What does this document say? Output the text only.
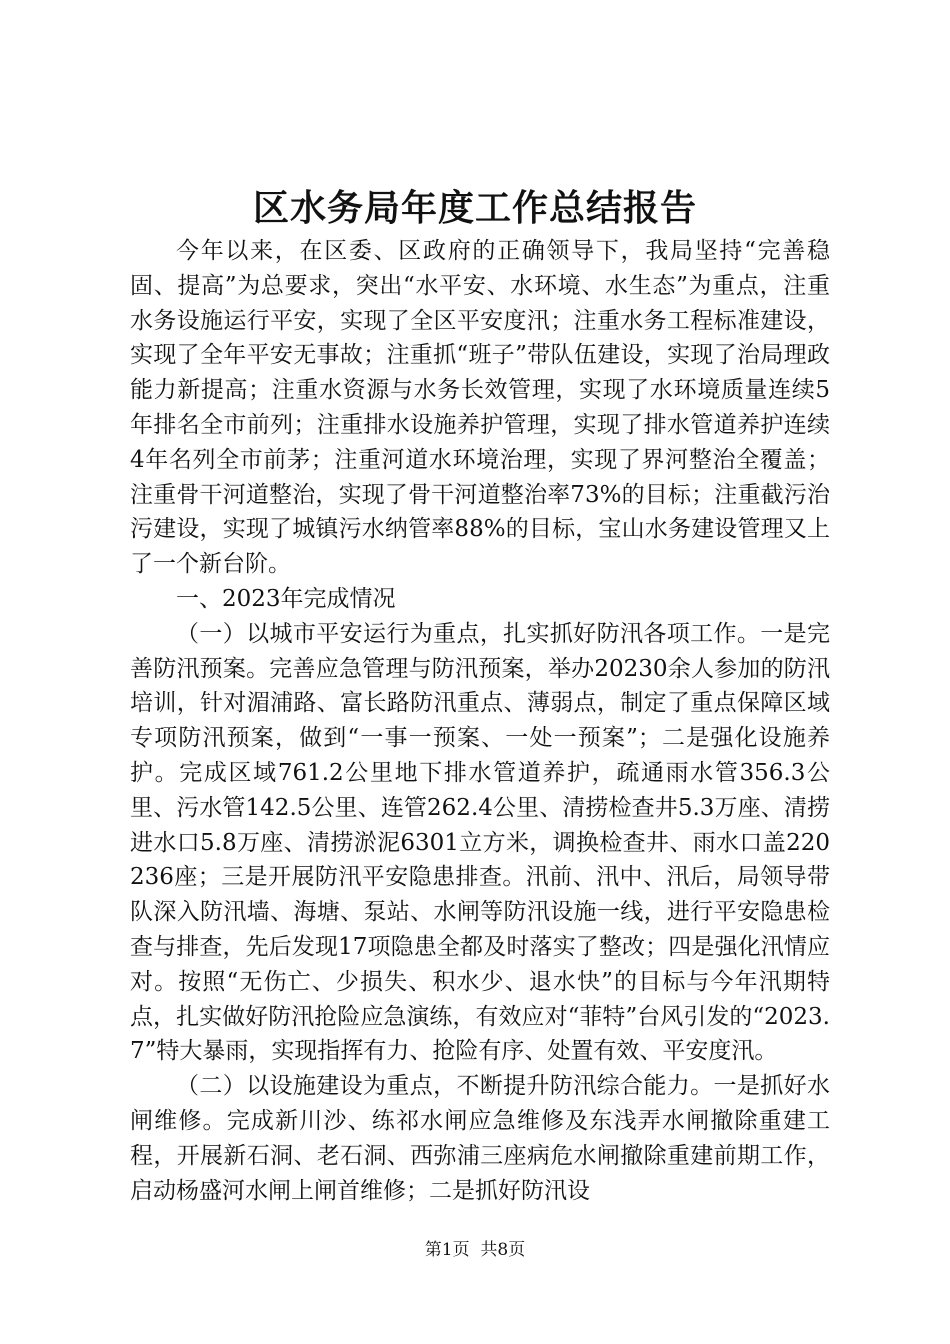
区水务局年度工作总结报告

今年以来，在区委、区政府的正确领导下，我局坚持“完善稳固、提高”为总要求，突出“水平安、水环境、水生态”为重点，注重水务设施运行平安，实现了全区平安度汛；注重水务工程标准建设，实现了全年平安无事故；注重抓“班子”带队伍建设，实现了治局理政能力新提高；注重水资源与水务长效管理，实现了水环境质量连续5年排名全市前列；注重排水设施养护管理，实现了排水管道养护连续4年名列全市前茅；注重河道水环境治理，实现了界河整治全覆盖；注重骨干河道整治，实现了骨干河道整治率73%的目标；注重截污治污建设，实现了城镇污水纳管率88%的目标，宝山水务建设管理又上了一个新台阶。

一、2023年完成情况

（一）以城市平安运行为重点，扎实抓好防汛各项工作。一是完善防汛预案。完善应急管理与防汛预案，举办20230余人参加的防汛培训，针对湄浦路、富长路防汛重点、薄弱点，制定了重点保障区域专项防汛预案，做到“一事一预案、一处一预案”；二是强化设施养护。完成区域761.2公里地下排水管道养护，疏通雨水管356.3公里、污水管142.5公里、连管262.4公里、清捞检查井5.3万座、清捞进水口5.8万座、清捞淤泥6301立方米，调换检查井、雨水口盖220236座；三是开展防汛平安隐患排查。汛前、汛中、汛后，局领导带队深入防汛墙、海塘、泵站、水闸等防汛设施一线，进行平安隐患检查与排查，先后发现17项隐患全都及时落实了整改；四是强化汛情应对。按照“无伤亡、少损失、积水少、退水快”的目标与今年汛期特点，扎实做好防汛抢险应急演练，有效应对“菲特”台风引发的“2023.7”特大暴雨，实现指挥有力、抢险有序、处置有效、平安度汛。

（二）以设施建设为重点，不断提升防汛综合能力。一是抓好水闸维修。完成新川沙、练祁水闸应急维修及东浅弄水闸撤除重建工程，开展新石洞、老石洞、西弥浦三座病危水闸撤除重建前期工作，启动杨盛河水闸上闸首维修；二是抓好防汛设

第1页  共8页
